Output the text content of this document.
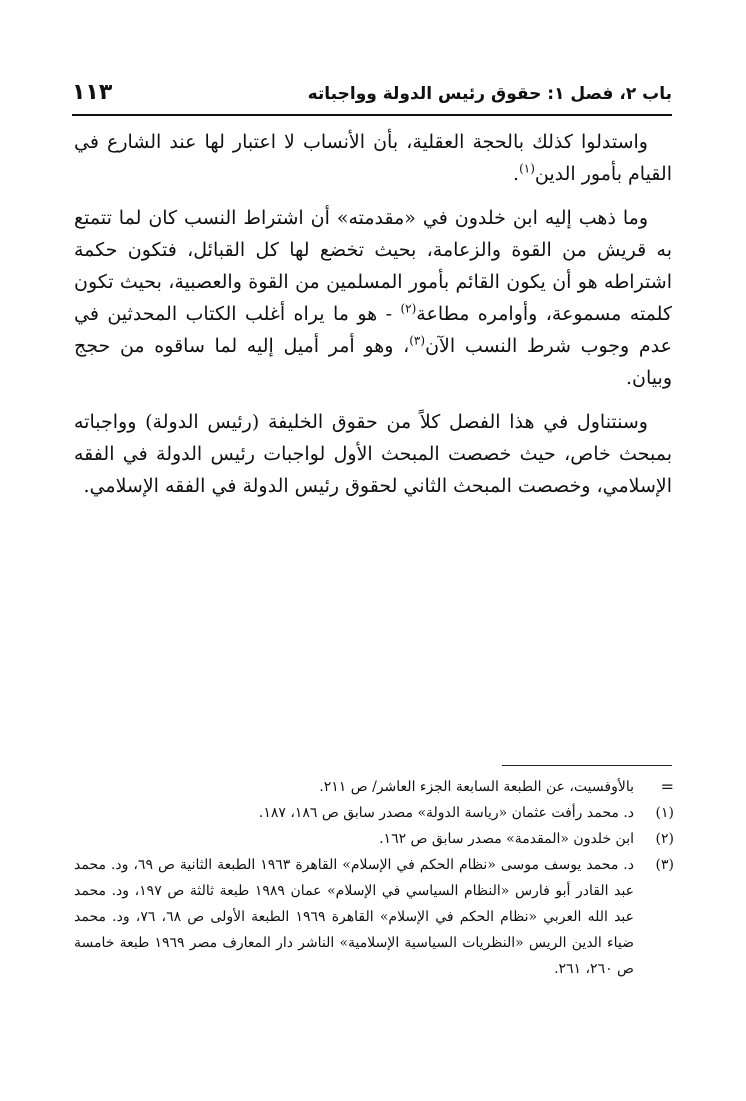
باب ٢، فصل ١: حقوق رئيس الدولة وواجباته
١١٣

واستدلوا كذلك بالحجة العقلية، بأن الأنساب لا اعتبار لها عند الشارع في القيام بأمور الدين$^{(١)}$.

وما ذهب إليه ابن خلدون في «مقدمته» أن اشتراط النسب كان لما تتمتع به قريش من القوة والزعامة، بحيث تخضع لها كل القبائل، فتكون حكمة اشتراطه هو أن يكون القائم بأمور المسلمين من القوة والعصبية، بحيث تكون كلمته مسموعة، وأوامره مطاعة$^{(٢)}$ - هو ما يراه أغلب الكتاب المحدثين في عدم وجوب شرط النسب الآن$^{(٣)}$، وهو أمر أميل إليه لما ساقوه من حجج وبيان.

وسنتناول في هذا الفصل كلاً من حقوق الخليفة (رئيس الدولة) وواجباته بمبحث خاص، حيث خصصت المبحث الأول لواجبات رئيس الدولة في الفقه الإسلامي، وخصصت المبحث الثاني لحقوق رئيس الدولة في الفقه الإسلامي.

=
بالأوفسيت، عن الطبعة السابعة الجزء العاشر/ ص ٢١١.
(١)
د. محمد رأفت عثمان «رياسة الدولة» مصدر سابق ص ١٨٦، ١٨٧.
(٢)
ابن خلدون «المقدمة» مصدر سابق ص ١٦٢.
(٣)
د. محمد يوسف موسى «نظام الحكم في الإسلام» القاهرة ١٩٦٣ الطبعة الثانية ص ٦٩، ود. محمد عبد القادر أبو فارس «النظام السياسي في الإسلام» عمان ١٩٨٩ طبعة ثالثة ص ١٩٧، ود. محمد عبد الله العربي «نظام الحكم في الإسلام» القاهرة ١٩٦٩ الطبعة الأولى ص ٦٨، ٧٦، ود. محمد ضياء الدين الريس «النظريات السياسية الإسلامية» الناشر دار المعارف مصر ١٩٦٩ طبعة خامسة ص ٢٦٠، ٢٦١.
